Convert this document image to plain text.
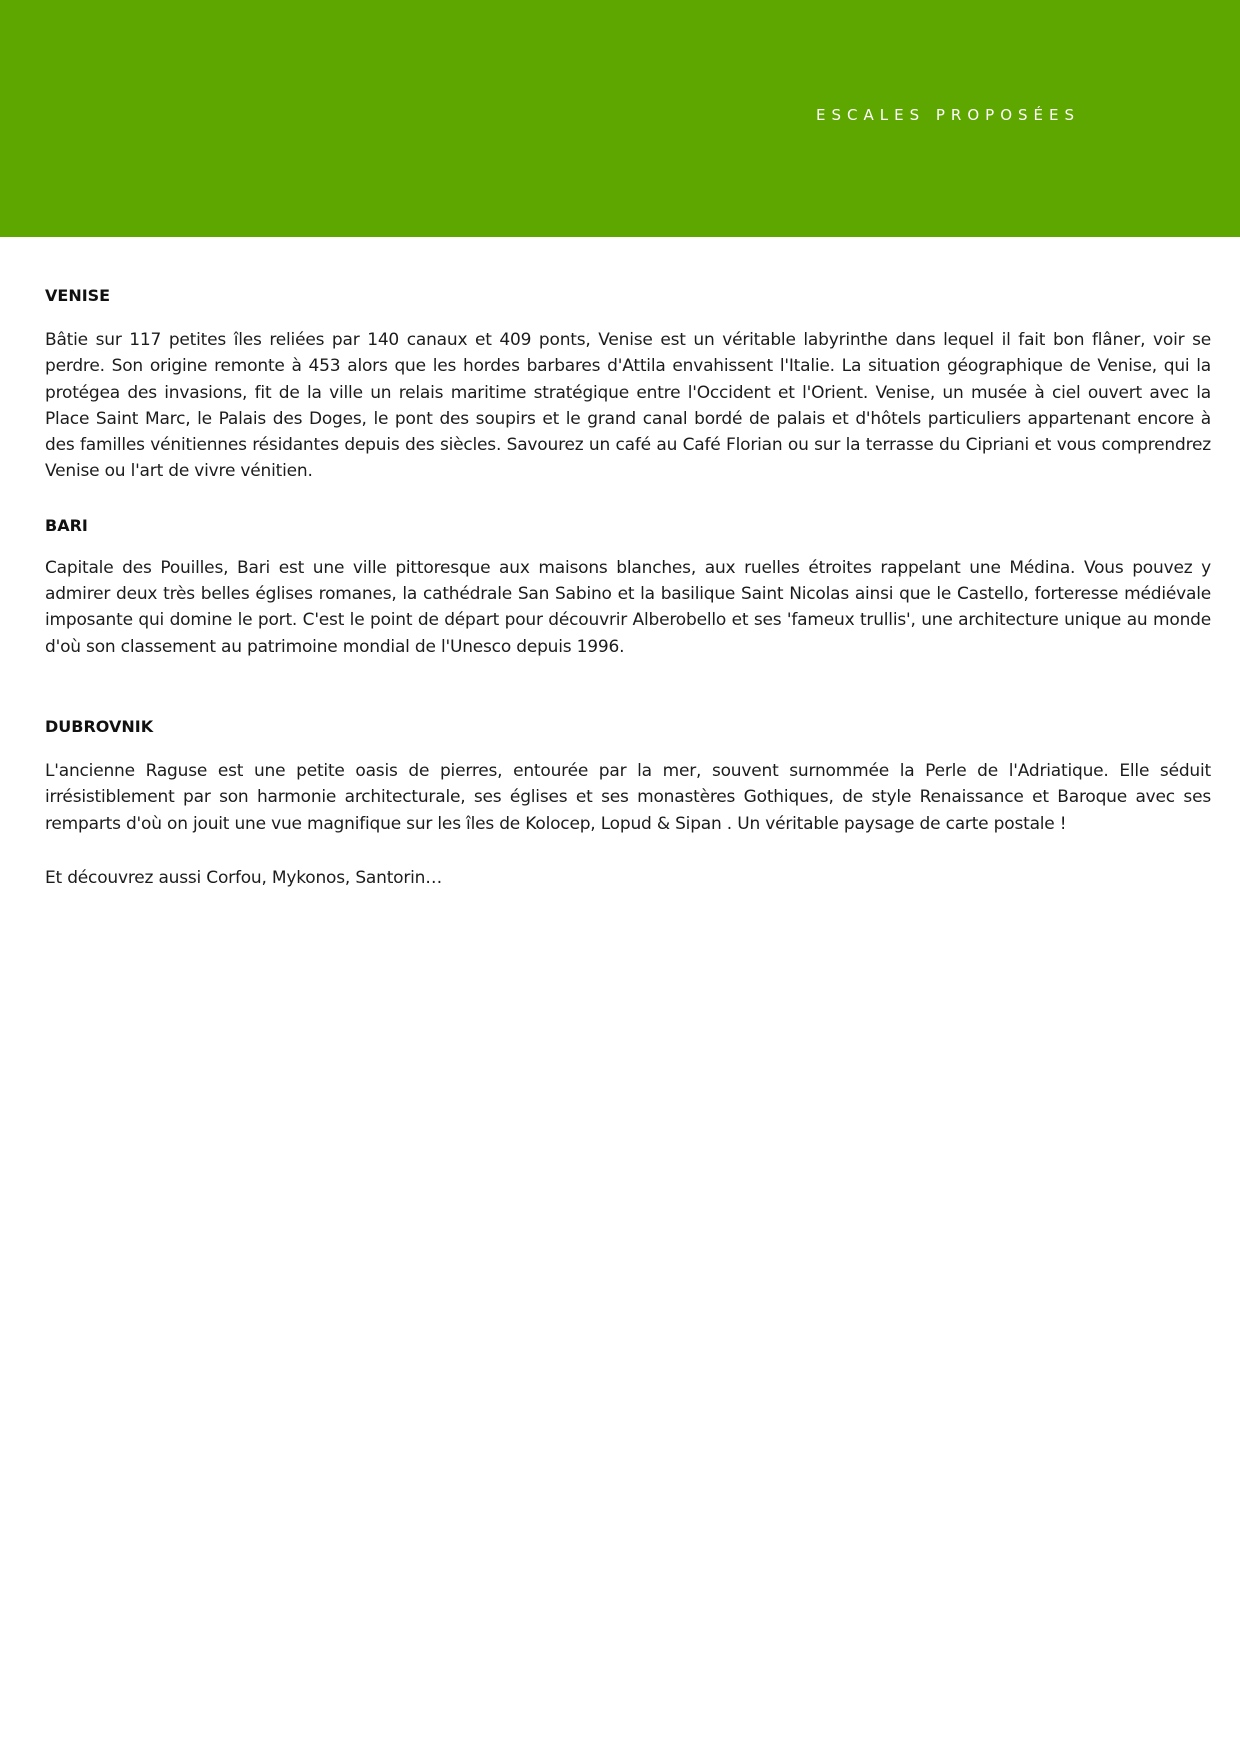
ESCALES PROPOSÉES
VENISE

Bâtie sur 117 petites îles reliées par 140 canaux et 409 ponts, Venise est un véritable labyrinthe dans lequel il fait bon flâner, voir se perdre. Son origine remonte à 453 alors que les hordes barbares d'Attila envahissent l'Italie. La situation géographique de Venise, qui la protégea des invasions, fit de la ville un relais maritime stratégique entre l'Occident et l'Orient. Venise, un musée à ciel ouvert avec la Place Saint Marc, le Palais des Doges, le pont des soupirs et le grand canal bordé de palais et d'hôtels particuliers appartenant encore à des familles vénitiennes résidantes depuis des siècles. Savourez un café au Café Florian ou sur la terrasse du Cipriani et vous comprendrez Venise ou l'art de vivre vénitien.

BARI

Capitale des Pouilles, Bari est une ville pittoresque aux maisons blanches, aux ruelles étroites rappelant une Médina. Vous pouvez y admirer deux très belles églises romanes, la cathédrale San Sabino et la basilique Saint Nicolas ainsi que le Castello, forteresse médiévale imposante qui domine le port. C'est le point de départ pour découvrir Alberobello et ses 'fameux trullis', une architecture unique au monde d'où son classement au patrimoine mondial de l'Unesco depuis 1996.

DUBROVNIK

L'ancienne Raguse est une petite oasis de pierres, entourée par la mer, souvent surnommée la Perle de l'Adriatique. Elle séduit irrésistiblement par son harmonie architecturale, ses églises et ses monastères Gothiques, de style Renaissance et Baroque avec ses remparts d'où on jouit une vue magnifique sur les îles de Kolocep, Lopud & Sipan . Un véritable paysage de carte postale !

Et découvrez aussi Corfou, Mykonos, Santorin…
